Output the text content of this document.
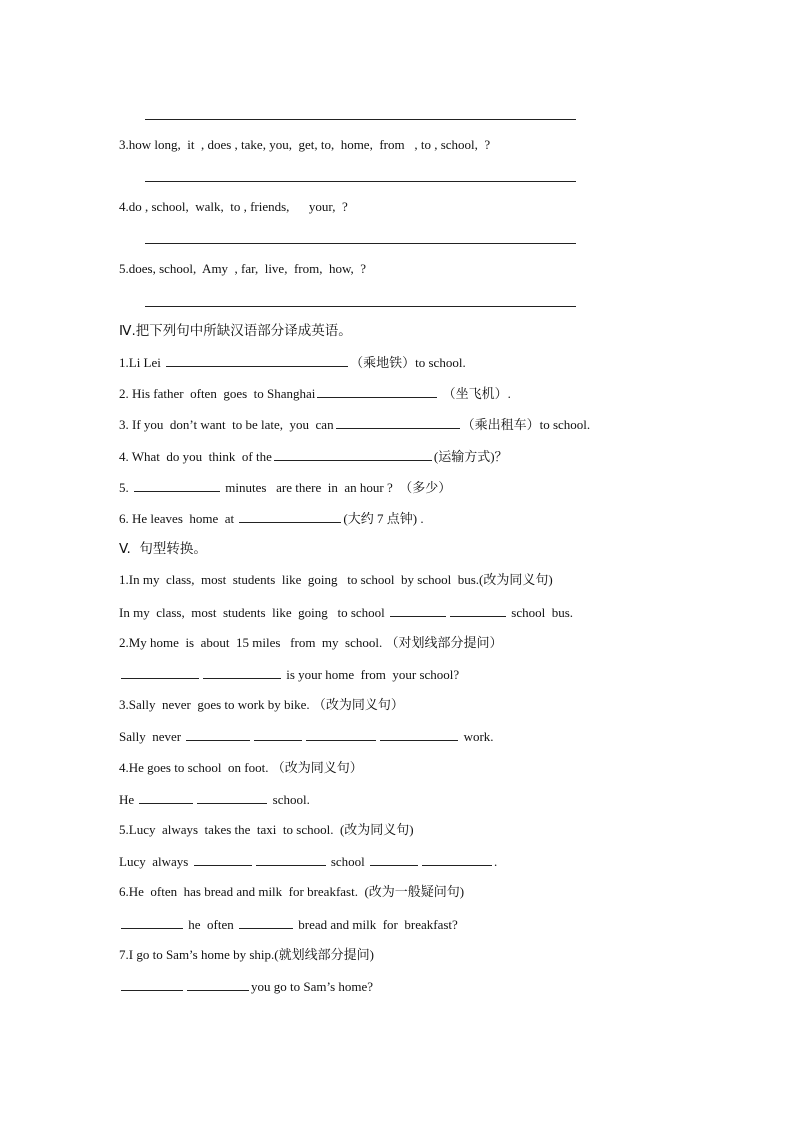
3.how long,  it  , does , take, you,  get, to,  home,  from   , to , school,  ?
4.do , school,  walk,  to , friends,      your,  ?
5.does, school,  Amy  , far,  live,  from,  how,  ?
Ⅳ.把下列句中所缺汉语部分译成英语。
1.Li Lei	（乘地铁）to school.
2. His father  often  goes  to Shanghai	（坐飞机）.
3. If you  don’t want  to be late,  you  can	（乘出租车）to school.
4. What  do you  think  of the	(运输方式)？
5.	minutes   are there  in  an hour ?  （多少）
6. He leaves  home  at	(大约 7 点钟) .
V.  句型转换。
1.In my  class,  most  students  like  going   to school  by school  bus.(改为同义句)
In my  class,  most  students  like  going   to school	school  bus.
2.My home  is  about  15 miles   from  my  school. （对划线部分提问）
is your home  from  your school?
3.Sally  never  goes to work by bike. （改为同义句）
Sally  never	work.
4.He goes to school  on foot. （改为同义句）
He	school.
5.Lucy  always  takes the  taxi  to school.  (改为同义句)
Lucy  always	school	.
6.He  often  has bread and milk  for breakfast.  (改为一般疑问句)
he  often	bread and milk  for  breakfast?
7.I go to Sam’s home by ship.(就划线部分提问)
you go to Sam’s home?
